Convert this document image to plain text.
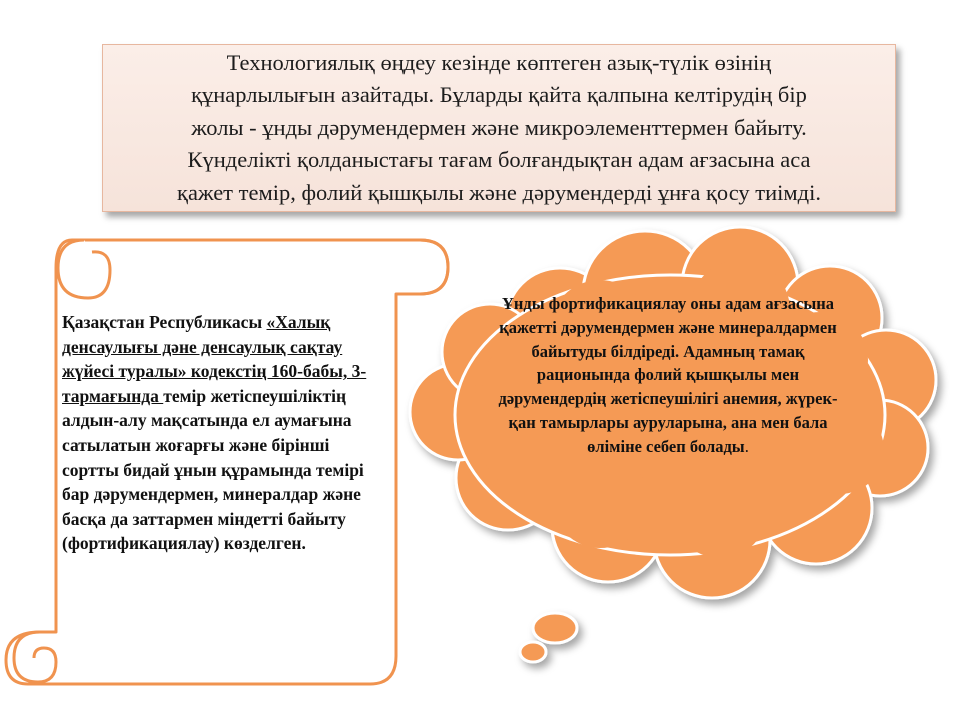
Технологиялық өңдеу кезінде көптеген азық-түлік өзінің
құнарлылығын азайтады. Бұларды қайта қалпына келтірудің бір
жолы - ұнды дәрумендермен және микроэлементтермен байыту.
Күнделікті қолданыстағы тағам болғандықтан адам ағзасына аса
қажет темір, фолий қышқылы және дәрумендерді ұнға қосу тиімді.

Қазақстан Республикасы «Халық денсаулығы дәне денсаулық сақтау жүйесі туралы» кодекстің 160-бабы, 3-тармағында темір жетіспеушіліктің алдын-алу мақсатында ел аумағына сатылатын жоғарғы және бірінші сортты бидай ұнын құрамында темірі бар дәрумендермен, минералдар және басқа да заттармен міндетті байыту (фортификациялау) көзделген.

Ұнды фортификациялау оны адам ағзасына қажетті дәрумендермен және минералдармен байытуды білдіреді. Адамның тамақ рационында фолий қышқылы мен дәрумендердің жетіспеушілігі анемия, жүрек-қан тамырлары ауруларына, ана мен бала өліміне себеп болады.
